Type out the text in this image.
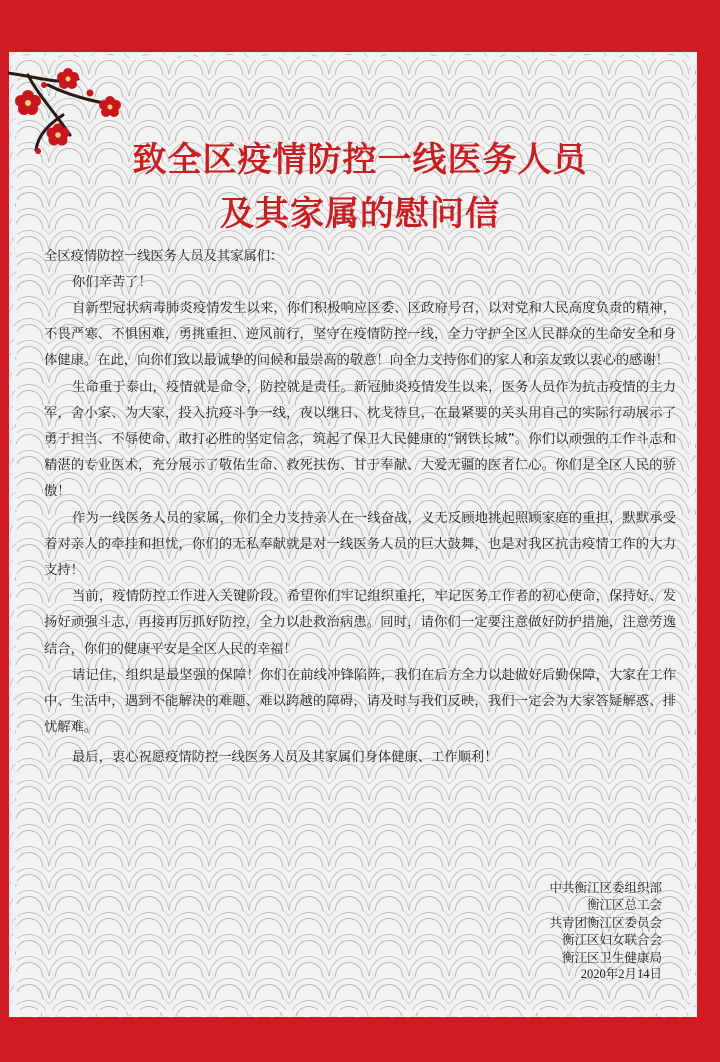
致全区疫情防控一线医务人员
及其家属的慰问信

全区疫情防控一线医务人员及其家属们：

你们辛苦了！

自新型冠状病毒肺炎疫情发生以来，你们积极响应区委、区政府号召，以对党和人民高度负责的精神，不畏严寒、不惧困难，勇挑重担、逆风前行，坚守在疫情防控一线，全力守护全区人民群众的生命安全和身体健康。在此，向你们致以最诚挚的问候和最崇高的敬意！向全力支持你们的家人和亲友致以衷心的感谢！

生命重于泰山，疫情就是命令，防控就是责任。新冠肺炎疫情发生以来，医务人员作为抗击疫情的主力军，舍小家、为大家，投入抗疫斗争一线，夜以继日、枕戈待旦，在最紧要的关头用自己的实际行动展示了勇于担当、不辱使命、敢打必胜的坚定信念，筑起了保卫人民健康的“钢铁长城”。你们以顽强的工作斗志和精湛的专业医术，充分展示了敬佑生命、救死扶伤、甘于奉献、大爱无疆的医者仁心。你们是全区人民的骄傲！

作为一线医务人员的家属，你们全力支持亲人在一线奋战，义无反顾地挑起照顾家庭的重担，默默承受着对亲人的牵挂和担忧，你们的无私奉献就是对一线医务人员的巨大鼓舞，也是对我区抗击疫情工作的大力支持！

当前，疫情防控工作进入关键阶段。希望你们牢记组织重托，牢记医务工作者的初心使命，保持好、发扬好顽强斗志，再接再厉抓好防控，全力以赴救治病患。同时，请你们一定要注意做好防护措施，注意劳逸结合，你们的健康平安是全区人民的幸福！

请记住，组织是最坚强的保障！你们在前线冲锋陷阵，我们在后方全力以赴做好后勤保障，大家在工作中、生活中，遇到不能解决的难题、难以跨越的障碍，请及时与我们反映，我们一定会为大家答疑解惑、排忧解难。

最后，衷心祝愿疫情防控一线医务人员及其家属们身体健康、工作顺利！

中共衡江区委组织部
衡江区总工会
共青团衡江区委员会
衡江区妇女联合会
衡江区卫生健康局
2020年2月14日
